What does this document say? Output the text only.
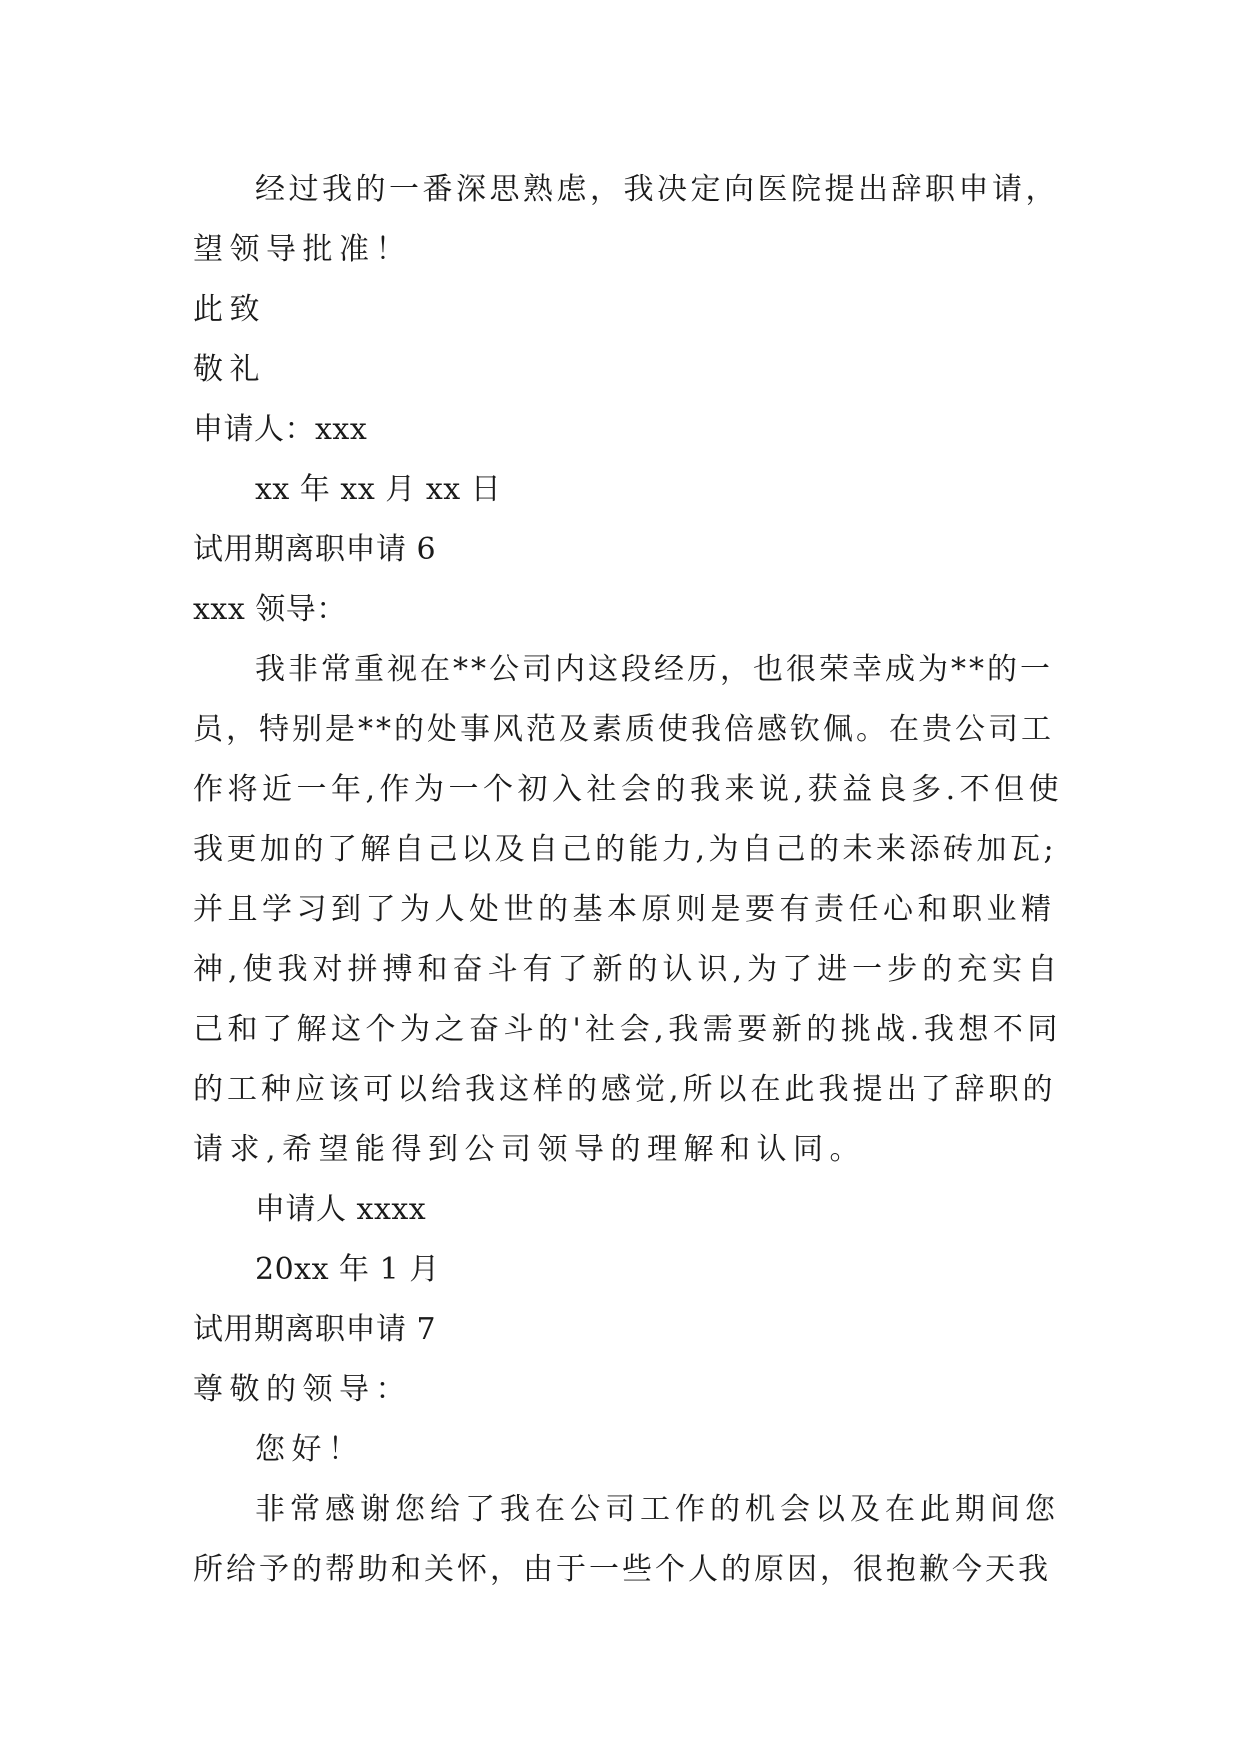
经过我的一番深思熟虑，我决定向医院提出辞职申请，
望领导批准！
此致
敬礼
申请人：xxx
xx 年 xx 月 xx 日
试用期离职申请 6
xxx 领导：
我非常重视在**公司内这段经历，也很荣幸成为**的一
员，特别是**的处事风范及素质使我倍感钦佩。在贵公司工
作将近一年,作为一个初入社会的我来说,获益良多.不但使
我更加的了解自己以及自己的能力,为自己的未来添砖加瓦;
并且学习到了为人处世的基本原则是要有责任心和职业精
神,使我对拼搏和奋斗有了新的认识,为了进一步的充实自
己和了解这个为之奋斗的'社会,我需要新的挑战.我想不同
的工种应该可以给我这样的感觉,所以在此我提出了辞职的
请求,希望能得到公司领导的理解和认同。
申请人 xxxx
20xx 年 1 月
试用期离职申请 7
尊敬的领导：
您好！
非常感谢您给了我在公司工作的机会以及在此期间您
所给予的帮助和关怀，由于一些个人的原因，很抱歉今天我
